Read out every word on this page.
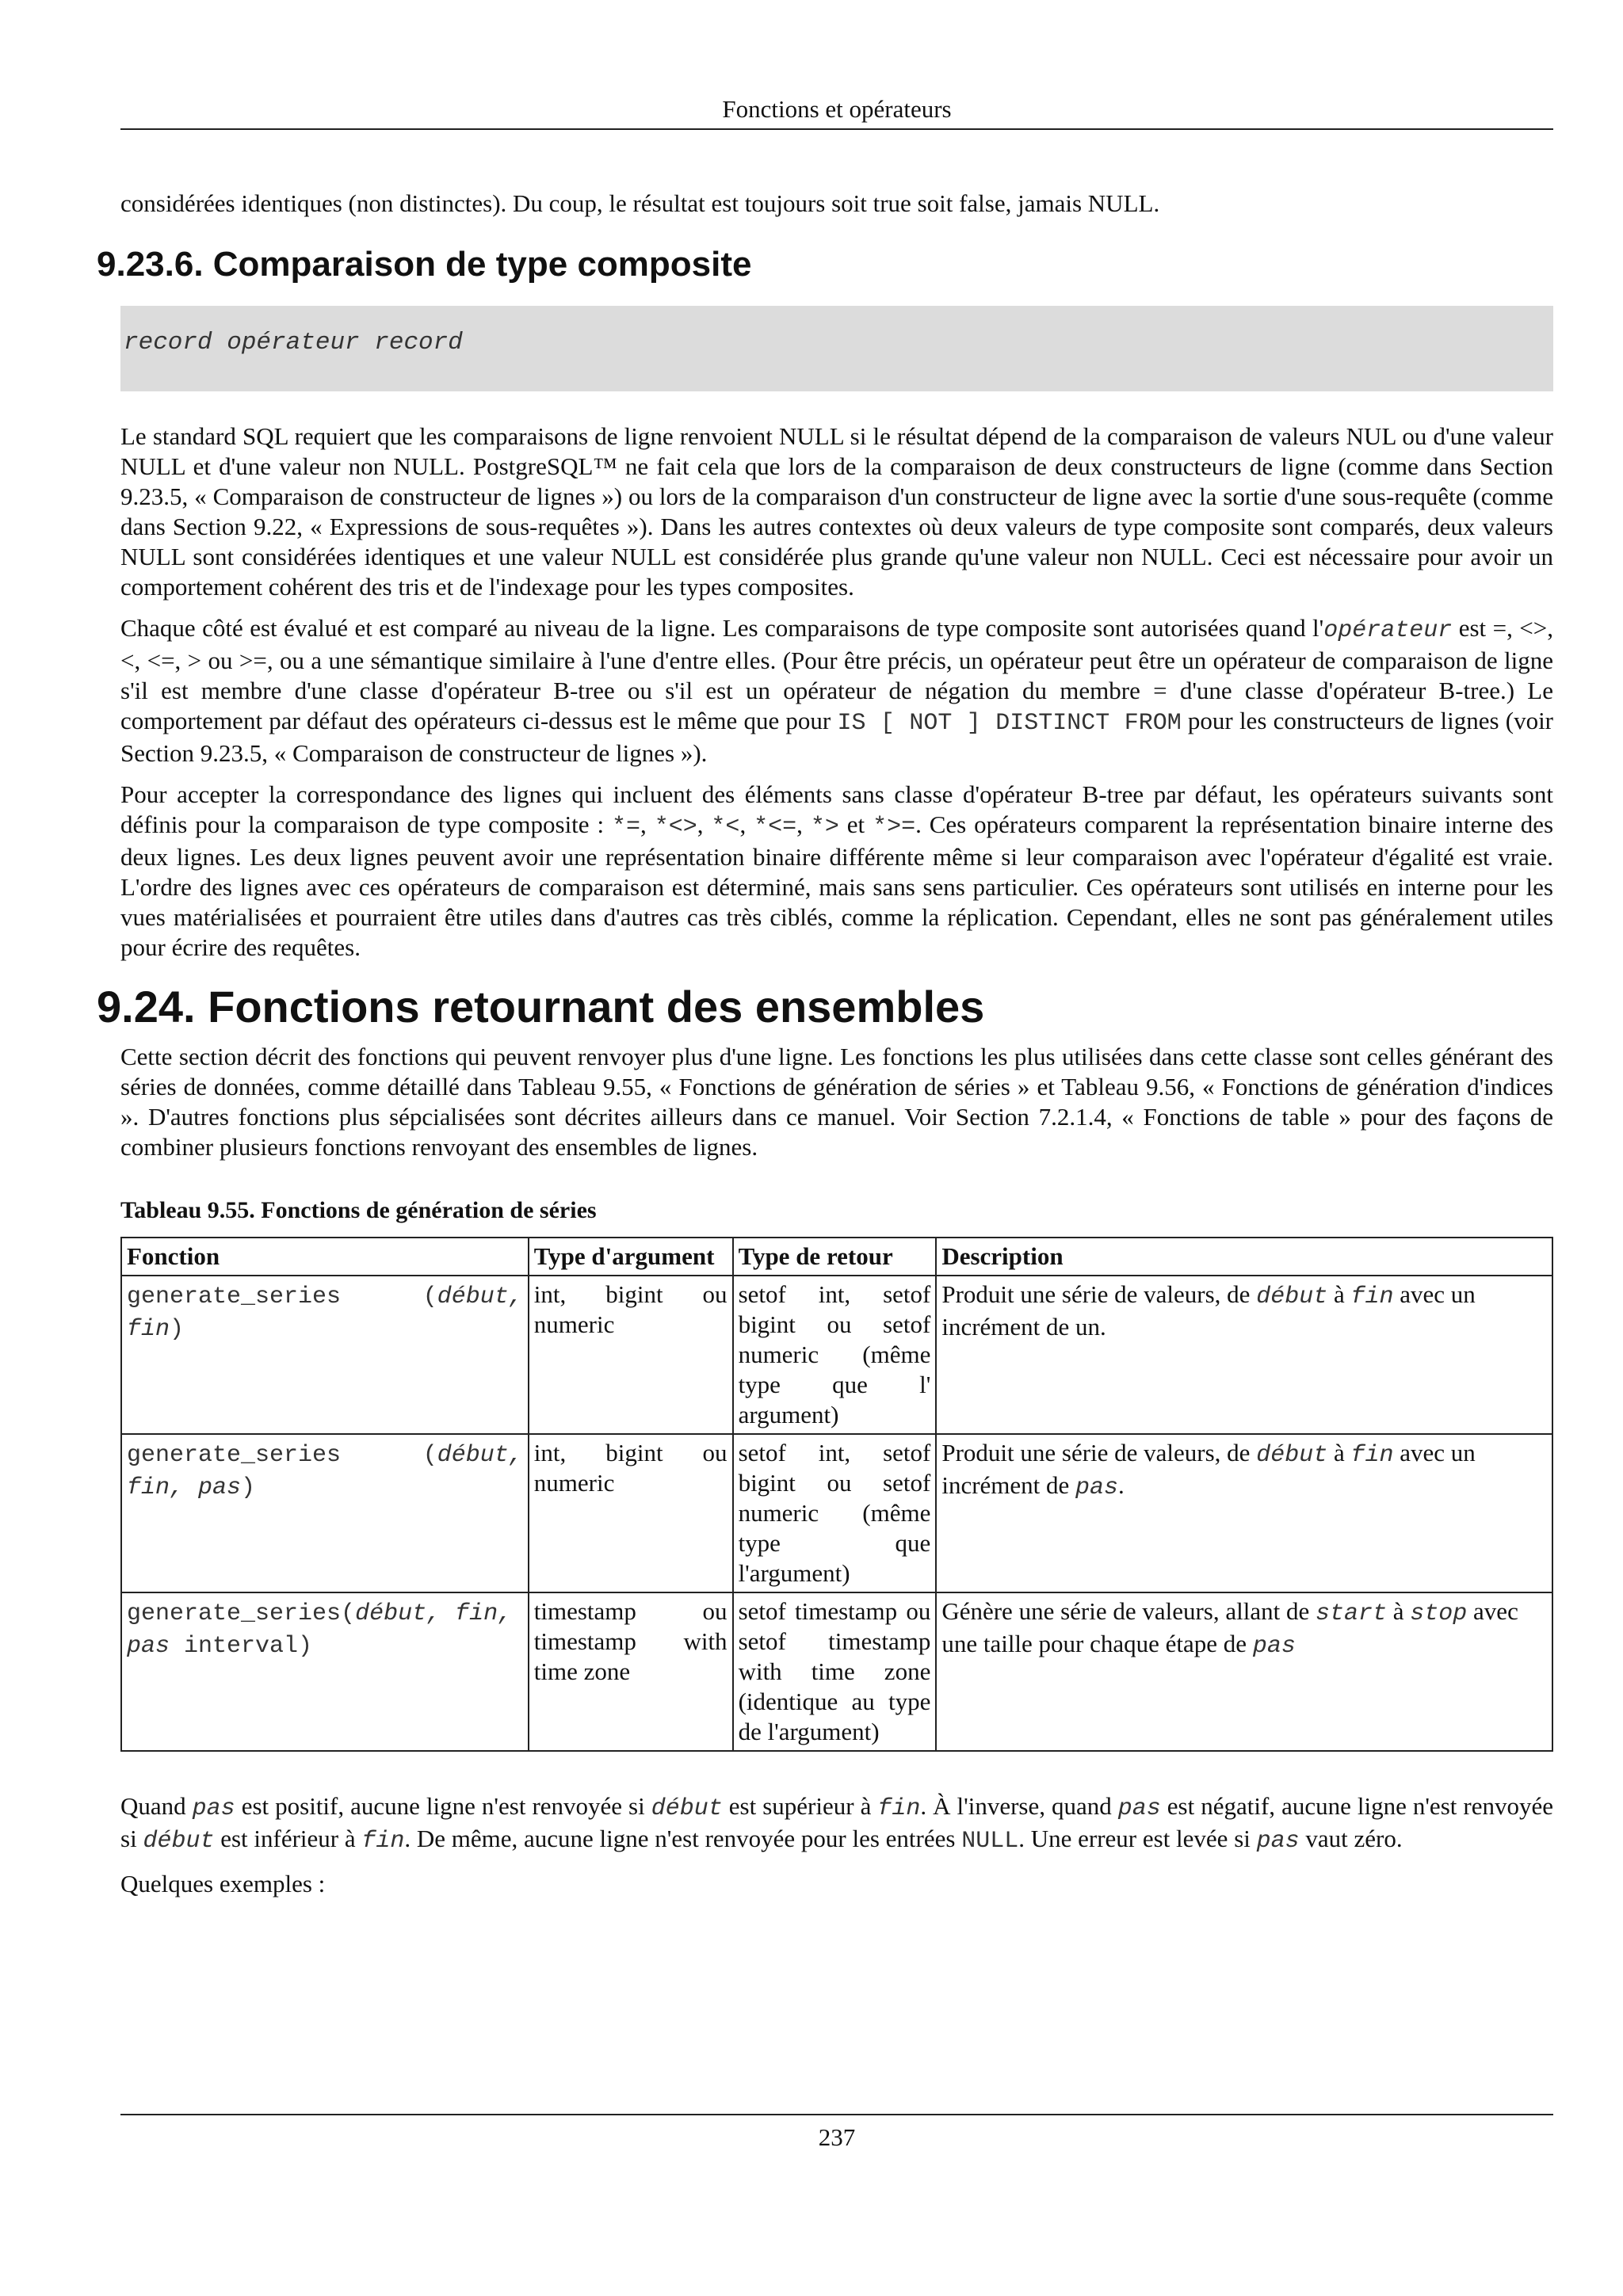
Fonctions et opérateurs

considérées identiques (non distinctes). Du coup, le résultat est toujours soit true soit false, jamais NULL.

9.23.6. Comparaison de type composite
record opérateur record

Le standard SQL requiert que les comparaisons de ligne renvoient NULL si le résultat dépend de la comparaison de valeurs NUL ou d'une valeur NULL et d'une valeur non NULL. PostgreSQL™ ne fait cela que lors de la comparaison de deux constructeurs de ligne (comme dans Section 9.23.5, « Comparaison de constructeur de lignes ») ou lors de la comparaison d'un constructeur de ligne avec la sortie d'une sous-requête (comme dans Section 9.22, « Expressions de sous-requêtes »). Dans les autres contextes où deux valeurs de type composite sont comparés, deux valeurs NULL sont considérées identiques et une valeur NULL est considérée plus grande qu'une valeur non NULL. Ceci est nécessaire pour avoir un comportement cohérent des tris et de l'indexage pour les types composites.

Chaque côté est évalué et est comparé au niveau de la ligne. Les comparaisons de type composite sont autorisées quand l'opérateur est =, <>, <, <=, > ou >=, ou a une sémantique similaire à l'une d'entre elles. (Pour être précis, un opérateur peut être un opérateur de comparaison de ligne s'il est membre d'une classe d'opérateur B-tree ou s'il est un opérateur de négation du membre = d'une classe d'opérateur B-tree.) Le comportement par défaut des opérateurs ci-dessus est le même que pour IS [ NOT ] DISTINCT FROM pour les constructeurs de lignes (voir Section 9.23.5, « Comparaison de constructeur de lignes »).

Pour accepter la correspondance des lignes qui incluent des éléments sans classe d'opérateur B-tree par défaut, les opérateurs suivants sont définis pour la comparaison de type composite : *=, *<>, *<, *<=, *> et *>=. Ces opérateurs comparent la représentation binaire interne des deux lignes. Les deux lignes peuvent avoir une représentation binaire différente même si leur comparaison avec l'opérateur d'égalité est vraie. L'ordre des lignes avec ces opérateurs de comparaison est déterminé, mais sans sens particulier. Ces opérateurs sont utilisés en interne pour les vues matérialisées et pourraient être utiles dans d'autres cas très ciblés, comme la réplication. Cependant, elles ne sont pas généralement utiles pour écrire des requêtes.

9.24. Fonctions retournant des ensembles

Cette section décrit des fonctions qui peuvent renvoyer plus d'une ligne. Les fonctions les plus utilisées dans cette classe sont celles générant des séries de données, comme détaillé dans Tableau 9.55, « Fonctions de génération de séries » et Tableau 9.56, « Fonctions de génération d'indices ». D'autres fonctions plus sépcialisées sont décrites ailleurs dans ce manuel. Voir Section 7.2.1.4, « Fonctions de table » pour des façons de combiner plusieurs fonctions renvoyant des ensembles de lignes.

Tableau 9.55. Fonctions de génération de séries
Fonction	Type d'argument	Type de retour	Description
generate_series (début, fin)	int, bigint ou numeric	setof int, setof bigint ou setof numeric (même type que l' argument)	Produit une série de valeurs, de début à fin avec un incrément de un.
generate_series (début, fin, pas)	int, bigint ou numeric	setof int, setof bigint ou setof numeric (même type que l'argument)	Produit une série de valeurs, de début à fin avec un incrément de pas.
generate_series(début, fin, pas interval)	timestamp ou timestamp with time zone	setof timestamp ou setof timestamp with time zone (identique au type de l'argument)	Génère une série de valeurs, allant de start à stop avec une taille pour chaque étape de pas

Quand pas est positif, aucune ligne n'est renvoyée si début est supérieur à fin. À l'inverse, quand pas est négatif, aucune ligne n'est renvoyée si début est inférieur à fin. De même, aucune ligne n'est renvoyée pour les entrées NULL. Une erreur est levée si pas vaut zéro.

Quelques exemples :

237
